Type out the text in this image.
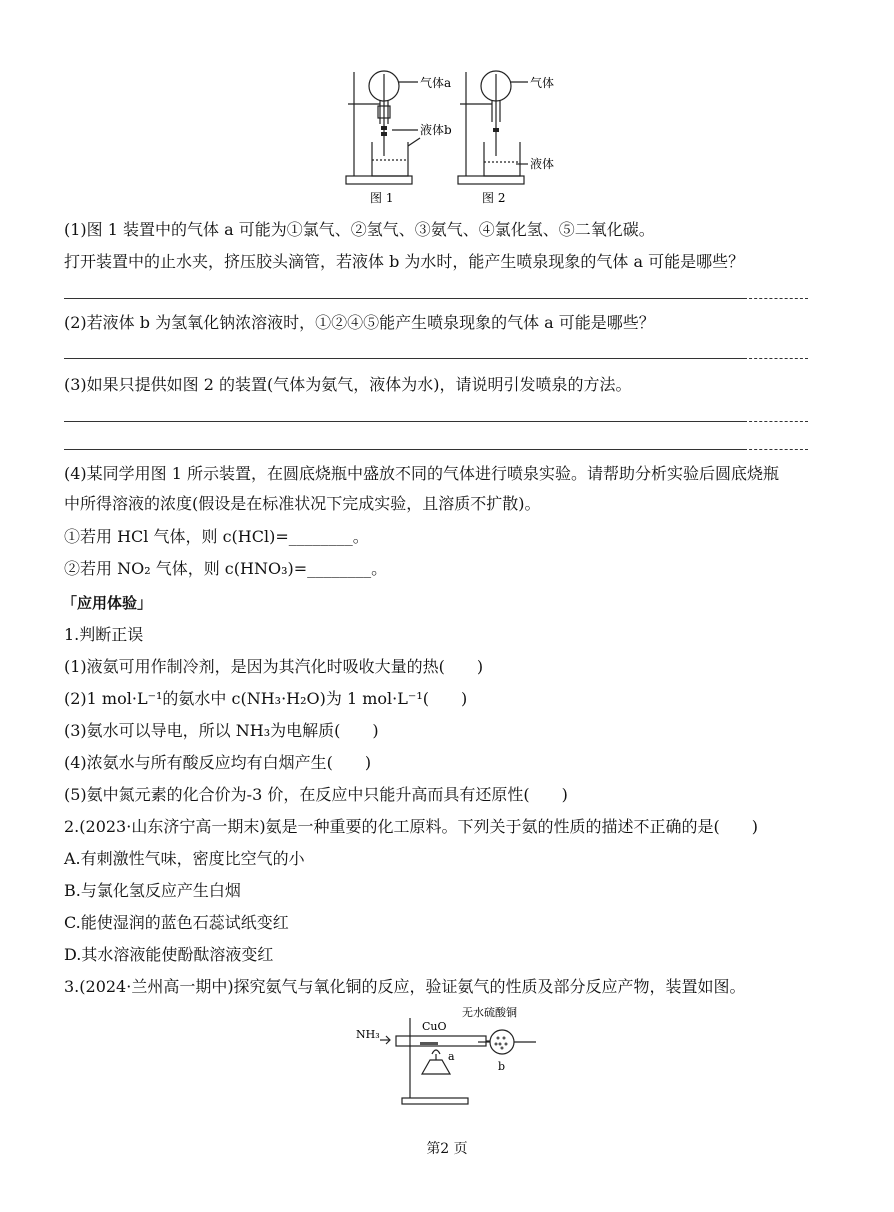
气体a
液体b
气体
液体
图 1	图 2
(1)图 1 装置中的气体 a 可能为①氯气、②氢气、③氨气、④氯化氢、⑤二氧化碳。
打开装置中的止水夹，挤压胶头滴管，若液体 b 为水时，能产生喷泉现象的气体 a 可能是哪些？
(2)若液体 b 为氢氧化钠浓溶液时，①②④⑤能产生喷泉现象的气体 a 可能是哪些？
(3)如果只提供如图 2 的装置(气体为氨气，液体为水)，请说明引发喷泉的方法。
(4)某同学用图 1 所示装置，在圆底烧瓶中盛放不同的气体进行喷泉实验。请帮助分析实验后圆底烧瓶
中所得溶液的浓度(假设是在标准状况下完成实验，且溶质不扩散)。
①若用 HCl 气体，则 c(HCl)=________。
②若用 NO₂ 气体，则 c(HNO₃)=________。
「应用体验」
1.判断正误
(1)液氨可用作制冷剂，是因为其汽化时吸收大量的热(　　)
(2)1 mol·L⁻¹的氨水中 c(NH₃·H₂O)为 1 mol·L⁻¹(　　)
(3)氨水可以导电，所以 NH₃为电解质(　　)
(4)浓氨水与所有酸反应均有白烟产生(　　)
(5)氨中氮元素的化合价为-3 价，在反应中只能升高而具有还原性(　　)
2.(2023·山东济宁高一期末)氨是一种重要的化工原料。下列关于氨的性质的描述不正确的是(　　)
A.有刺激性气味，密度比空气的小
B.与氯化氢反应产生白烟
C.能使湿润的蓝色石蕊试纸变红
D.其水溶液能使酚酞溶液变红
3.(2024·兰州高一期中)探究氨气与氧化铜的反应，验证氨气的性质及部分反应产物，装置如图。
NH₃
CuO
无水硫酸铜
a
b
第2 页
